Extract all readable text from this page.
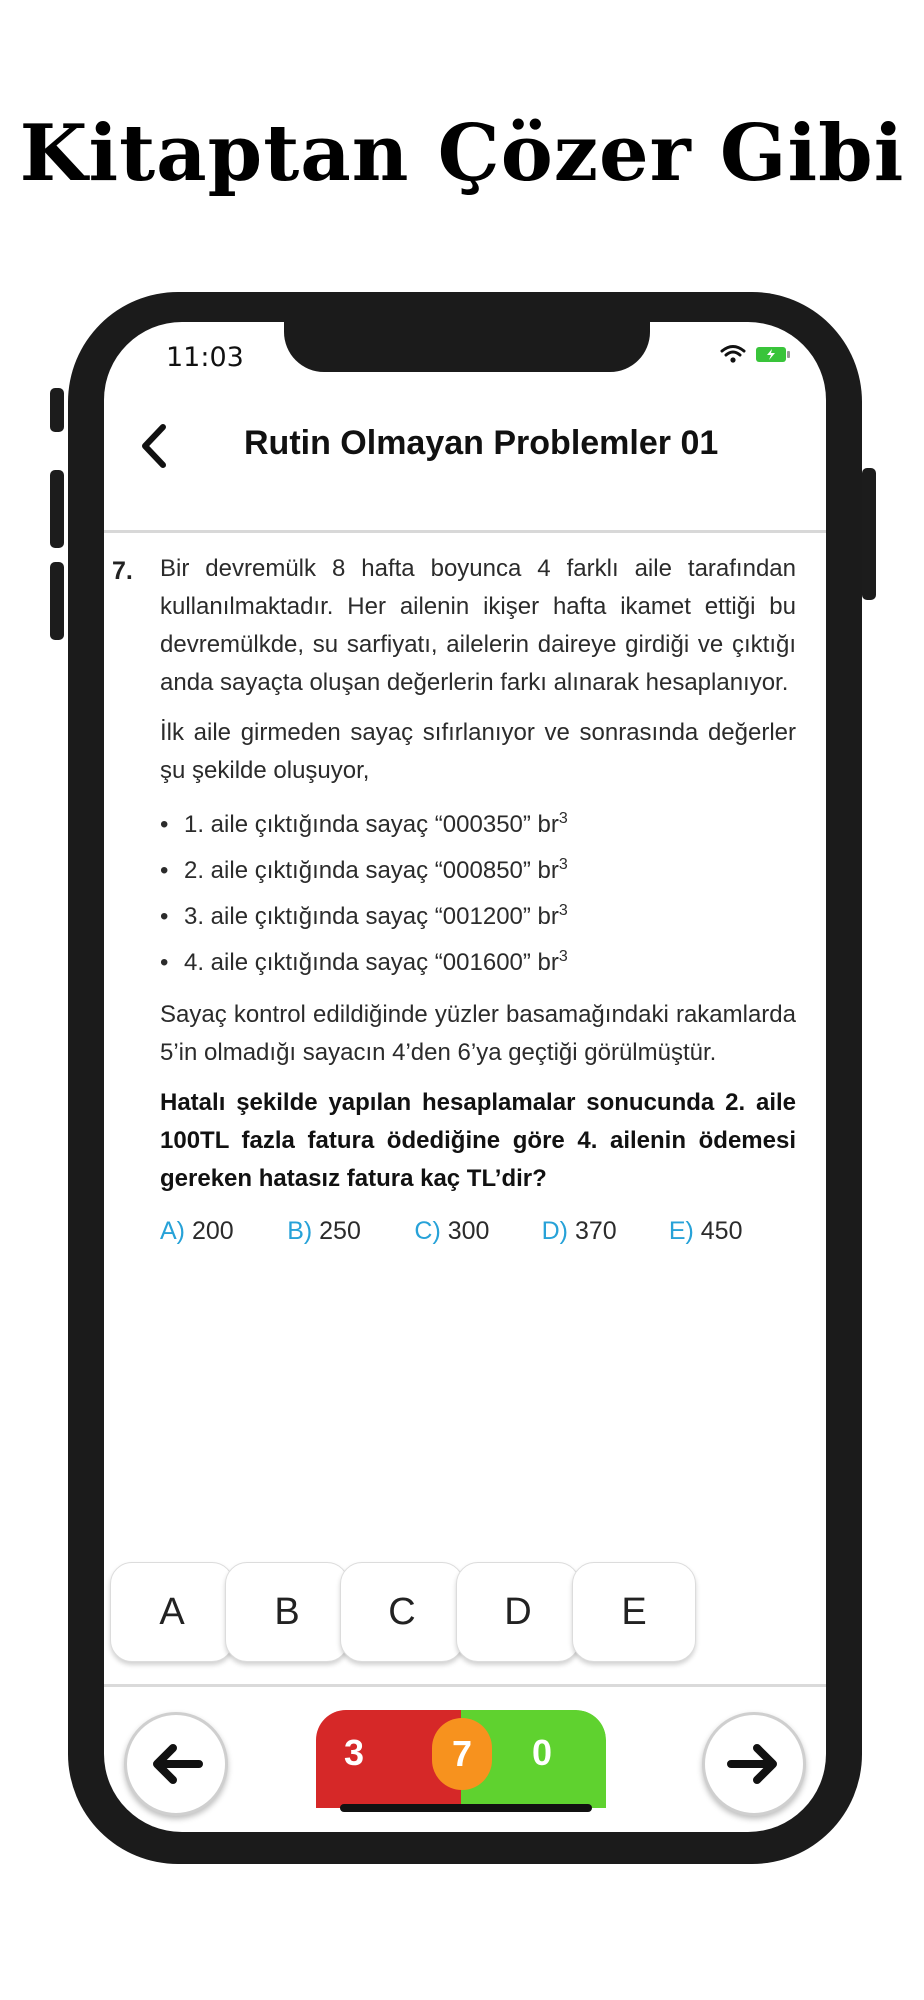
Kitaptan Çözer Gibi
11:03
Rutin Olmayan Problemler 01
7. Bir devremülk 8 hafta boyunca 4 farklı aile tarafından kullanılmaktadır. Her ailenin ikişer hafta ikamet ettiği bu devremülkde, su sarfiyatı, ailelerin daireye girdiği ve çıktığı anda sayaçta oluşan değerlerin farkı alınarak hesaplanıyor.

İlk aile girmeden sayaç sıfırlanıyor ve sonrasında değerler şu şekilde oluşuyor,

• 1. aile çıktığında sayaç “000350” $br^3$
• 2. aile çıktığında sayaç “000850” $br^3$
• 3. aile çıktığında sayaç “001200” $br^3$
• 4. aile çıktığında sayaç “001600” $br^3$

Sayaç kontrol edildiğinde yüzler basamağındaki rakamlarda 5’in olmadığı sayacın 4’den 6’ya geçtiği görülmüştür.

Hatalı şekilde yapılan hesaplamalar sonucunda 2. aile 100TL fazla fatura ödediğine göre 4. ailenin ödemesi gereken hatasız fatura kaç TL’dir?

A) 200	B) 250	C) 300	D) 370	E) 450
A	B	C	D	E
3	7	0
